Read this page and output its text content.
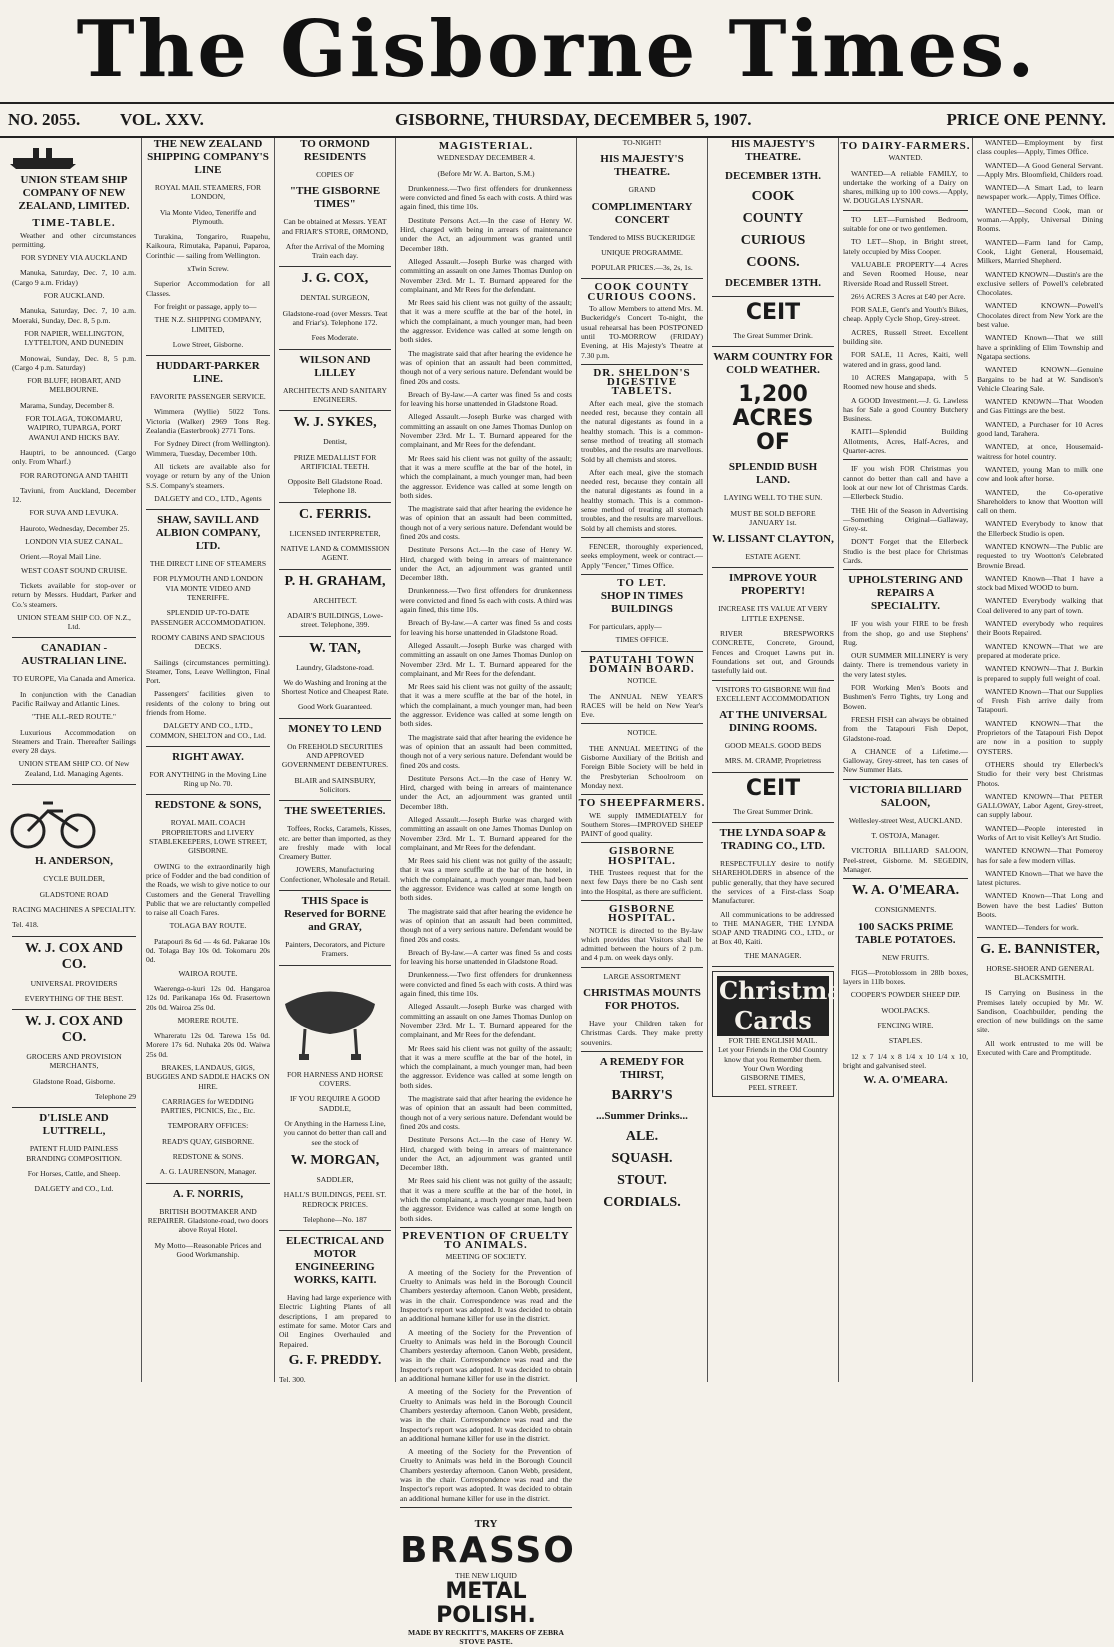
The Gisborne Times.
NO. 2055. VOL. XXV.	GISBORNE, THURSDAY, DECEMBER 5, 1907.	PRICE ONE PENNY.
UNION STEAM SHIP COMPANY OF NEW ZEALAND, LIMITED.
TIME-TABLE.
Weather and other circumstances permitting.
FOR SYDNEY VIA AUCKLAND
Manuka, Saturday, Dec. 7, 10 a.m. (Cargo 9 a.m. Friday)
FOR AUCKLAND.
Manuka, Saturday, Dec. 7, 10 a.m. Moeraki, Sunday, Dec. 8, 5 p.m.
FOR NAPIER, WELLINGTON, LYTTELTON, AND DUNEDIN
Monowai, Sunday, Dec. 8, 5 p.m. (Cargo 4 p.m. Saturday)
FOR BLUFF, HOBART, AND MELBOURNE.
Marama, Sunday, December 8.
FOR TOLAGA, TOKOMARU, WAIPIRO, TUPARGA, PORT AWANUI AND HICKS BAY.
Hauptri, to be announced. (Cargo only. From Wharf.)
FOR RAROTONGA AND TAHITI
Taviuni, from Auckland, December 12.
FOR SUVA AND LEVUKA.
Hauroto, Wednesday, December 25.
LONDON VIA SUEZ CANAL.
Orient.—Royal Mail Line.
WEST COAST SOUND CRUISE.
Tickets available for stop-over or return by Messrs. Huddart, Parker and Co.'s steamers.
UNION STEAM SHIP CO. OF N.Z., Ltd.
CANADIAN - AUSTRALIAN LINE.
TO EUROPE, Via Canada and America.
In conjunction with the Canadian Pacific Railway and Atlantic Lines.
"THE ALL-RED ROUTE."
Luxurious Accommodation on Steamers and Train. Thereafter Sailings every 28 days.
UNION STEAM SHIP CO. Of New Zealand, Ltd. Managing Agents.
H. ANDERSON,
CYCLE BUILDER,
GLADSTONE ROAD
RACING MACHINES A SPECIALITY.
Tel. 418.
W. J. COX AND CO.
UNIVERSAL PROVIDERS
EVERYTHING OF THE BEST.
W. J. COX AND CO.
GROCERS AND PROVISION MERCHANTS,
Gladstone Road, Gisborne.
Telephone 29
D'LISLE AND LUTTRELL,
PATENT FLUID PAINLESS BRANDING COMPOSITION.
For Horses, Cattle, and Sheep.
DALGETY and CO., Ltd.
THE NEW ZEALAND SHIPPING COMPANY'S LINE
ROYAL MAIL STEAMERS, FOR LONDON,
Via Monte Video, Teneriffe and Plymouth.
Turakina, Tongariro, Ruapehu, Kaikoura, Rimutaka, Papanui, Paparoa, Corinthic — sailing from Wellington.
xTwin Screw.
Superior Accommodation for all Classes.
For freight or passage, apply to—
THE N.Z. SHIPPING COMPANY, LIMITED,
Lowe Street, Gisborne.
HUDDART-PARKER LINE.
FAVORITE PASSENGER SERVICE.
Wimmera (Wyllie) 5022 Tons. Victoria (Walker) 2969 Tons Reg. Zealandia (Easterbrook) 2771 Tons.
For Sydney Direct (from Wellington). Wimmera, Tuesday, December 10th.
All tickets are available also for voyage or return by any of the Union S.S. Company's steamers.
DALGETY and CO., LTD., Agents
SHAW, SAVILL AND ALBION COMPANY, LTD.
THE DIRECT LINE OF STEAMERS
FOR PLYMOUTH AND LONDON VIA MONTE VIDEO AND TENERIFFE.
SPLENDID UP-TO-DATE PASSENGER ACCOMMODATION.
ROOMY CABINS AND SPACIOUS DECKS.
Sailings (circumstances permitting). Steamer, Tons, Leave Wellington, Final Port.
Passengers' facilities given to residents of the colony to bring out friends from Home.
DALGETY AND CO., LTD., COMMON, SHELTON and CO., Ltd.
RIGHT AWAY.
FOR ANYTHING in the Moving Line Ring up No. 70.
REDSTONE & SONS,
ROYAL MAIL COACH PROPRIETORS and LIVERY STABLEKEEPERS, LOWE STREET, GISBORNE.
OWING to the extraordinarily high price of Fodder and the bad condition of the Roads, we wish to give notice to our Customers and the General Travelling Public that we are reluctantly compelled to raise all Coach Fares.
TOLAGA BAY ROUTE.
Patapouri 8s 6d — 4s 6d. Pakarae 10s 0d. Tolaga Bay 10s 0d. Tokomaru 20s 0d.
WAIROA ROUTE.
Waerenga-o-kuri 12s 0d. Hangaroa 12s 0d. Parikanapa 16s 0d. Frasertown 20s 0d. Wairoa 25s 0d.
MORERE ROUTE.
Whareratu 12s 0d. Tarewa 15s 0d. Morere 17s 6d. Nuhaka 20s 0d. Waiwa 25s 0d.
BRAKES, LANDAUS, GIGS, BUGGIES AND SADDLE HACKS ON HIRE.
CARRIAGES for WEDDING PARTIES, PICNICS, Etc., Etc.
TEMPORARY OFFICES:
READ'S QUAY, GISBORNE.
REDSTONE & SONS.
A. G. LAURENSON, Manager.
A. F. NORRIS,
BRITISH BOOTMAKER AND REPAIRER. Gladstone-road, two doors above Royal Hotel.
My Motto—Reasonable Prices and Good Workmanship.
TO ORMOND RESIDENTS
COPIES OF
"THE GISBORNE TIMES"
Can be obtained at Messrs. YEAT and FRIAR'S STORE, ORMOND,
After the Arrival of the Morning Train each day.
J. G. COX,
DENTAL SURGEON,
Gladstone-road (over Messrs. Teat and Friar's). Telephone 172.
Fees Moderate.
WILSON AND LILLEY
ARCHITECTS AND SANITARY ENGINEERS.
W. J. SYKES,
Dentist,
PRIZE MEDALLIST FOR ARTIFICIAL TEETH.
Opposite Bell Gladstone Road. Telephone 18.
C. FERRIS.
LICENSED INTERPRETER,
NATIVE LAND & COMMISSION AGENT.
P. H. GRAHAM,
ARCHITECT.
ADAIR'S BUILDINGS, Lowe-street. Telephone, 399.
W. TAN,
Laundry, Gladstone-road.
We do Washing and Ironing at the Shortest Notice and Cheapest Rate.
Good Work Guaranteed.
MONEY TO LEND
On FREEHOLD SECURITIES AND APPROVED GOVERNMENT DEBENTURES.
BLAIR and SAINSBURY, Solicitors.
THE SWEETERIES.
Toffees, Rocks, Caramels, Kisses, etc. are better than imported, as they are freshly made with local Creamery Butter.
JOWERS, Manufacturing Confectioner, Wholesale and Retail.
THIS Space is Reserved for BORNE and GRAY,
Painters, Decorators, and Picture Framers.
FOR HARNESS AND HORSE COVERS.
IF YOU REQUIRE A GOOD SADDLE,
Or Anything in the Harness Line, you cannot do better than call and see the stock of
W. MORGAN,
SADDLER,
HALL'S BUILDINGS, PEEL ST. REDROCK PRICES.
Telephone—No. 187
ELECTRICAL AND MOTOR ENGINEERING WORKS, KAITI.
Having had large experience with Electric Lighting Plants of all descriptions, I am prepared to estimate for same. Motor Cars and Oil Engines Overhauled and Repaired.
G. F. PREDDY.
Tel. 300.
MAGISTERIAL.
WEDNESDAY DECEMBER 4.
(Before Mr W. A. Barton, S.M.)
Drunkenness.—Two first offenders for drunkenness were convicted and fined 5s each with costs. A third was again fined, this time 10s.
Destitute Persons Act.—In the case of Henry W. Hird, charged with being in arrears of maintenance under the Act, an adjournment was granted until December 18th.
Alleged Assault.—Joseph Burke was charged with committing an assault on one James Thomas Dunlop on November 23rd. Mr L. T. Burnard appeared for the complainant, and Mr Rees for the defendant.
Mr Rees said his client was not guilty of the assault; that it was a mere scuffle at the bar of the hotel, in which the complainant, a much younger man, had been the aggressor. Evidence was called at some length on both sides.
The magistrate said that after hearing the evidence he was of opinion that an assault had been committed, though not of a very serious nature. Defendant would be fined 20s and costs.
Breach of By-law.—A carter was fined 5s and costs for leaving his horse unattended in Gladstone Road.
Alleged Assault.—Joseph Burke was charged with committing an assault on one James Thomas Dunlop on November 23rd. Mr L. T. Burnard appeared for the complainant, and Mr Rees for the defendant.
Mr Rees said his client was not guilty of the assault; that it was a mere scuffle at the bar of the hotel, in which the complainant, a much younger man, had been the aggressor. Evidence was called at some length on both sides.
The magistrate said that after hearing the evidence he was of opinion that an assault had been committed, though not of a very serious nature. Defendant would be fined 20s and costs.
Destitute Persons Act.—In the case of Henry W. Hird, charged with being in arrears of maintenance under the Act, an adjournment was granted until December 18th.
Drunkenness.—Two first offenders for drunkenness were convicted and fined 5s each with costs. A third was again fined, this time 10s.
Breach of By-law.—A carter was fined 5s and costs for leaving his horse unattended in Gladstone Road.
Alleged Assault.—Joseph Burke was charged with committing an assault on one James Thomas Dunlop on November 23rd. Mr L. T. Burnard appeared for the complainant, and Mr Rees for the defendant.
Mr Rees said his client was not guilty of the assault; that it was a mere scuffle at the bar of the hotel, in which the complainant, a much younger man, had been the aggressor. Evidence was called at some length on both sides.
The magistrate said that after hearing the evidence he was of opinion that an assault had been committed, though not of a very serious nature. Defendant would be fined 20s and costs.
Destitute Persons Act.—In the case of Henry W. Hird, charged with being in arrears of maintenance under the Act, an adjournment was granted until December 18th.
Alleged Assault.—Joseph Burke was charged with committing an assault on one James Thomas Dunlop on November 23rd. Mr L. T. Burnard appeared for the complainant, and Mr Rees for the defendant.
Mr Rees said his client was not guilty of the assault; that it was a mere scuffle at the bar of the hotel, in which the complainant, a much younger man, had been the aggressor. Evidence was called at some length on both sides.
The magistrate said that after hearing the evidence he was of opinion that an assault had been committed, though not of a very serious nature. Defendant would be fined 20s and costs.
Breach of By-law.—A carter was fined 5s and costs for leaving his horse unattended in Gladstone Road.
Drunkenness.—Two first offenders for drunkenness were convicted and fined 5s each with costs. A third was again fined, this time 10s.
Alleged Assault.—Joseph Burke was charged with committing an assault on one James Thomas Dunlop on November 23rd. Mr L. T. Burnard appeared for the complainant, and Mr Rees for the defendant.
Mr Rees said his client was not guilty of the assault; that it was a mere scuffle at the bar of the hotel, in which the complainant, a much younger man, had been the aggressor. Evidence was called at some length on both sides.
The magistrate said that after hearing the evidence he was of opinion that an assault had been committed, though not of a very serious nature. Defendant would be fined 20s and costs.
Destitute Persons Act.—In the case of Henry W. Hird, charged with being in arrears of maintenance under the Act, an adjournment was granted until December 18th.
Mr Rees said his client was not guilty of the assault; that it was a mere scuffle at the bar of the hotel, in which the complainant, a much younger man, had been the aggressor. Evidence was called at some length on both sides.
PREVENTION OF CRUELTY TO ANIMALS.
MEETING OF SOCIETY.
A meeting of the Society for the Prevention of Cruelty to Animals was held in the Borough Council Chambers yesterday afternoon. Canon Webb, president, was in the chair. Correspondence was read and the Inspector's report was adopted. It was decided to obtain an additional humane killer for use in the district.
A meeting of the Society for the Prevention of Cruelty to Animals was held in the Borough Council Chambers yesterday afternoon. Canon Webb, president, was in the chair. Correspondence was read and the Inspector's report was adopted. It was decided to obtain an additional humane killer for use in the district.
A meeting of the Society for the Prevention of Cruelty to Animals was held in the Borough Council Chambers yesterday afternoon. Canon Webb, president, was in the chair. Correspondence was read and the Inspector's report was adopted. It was decided to obtain an additional humane killer for use in the district.
A meeting of the Society for the Prevention of Cruelty to Animals was held in the Borough Council Chambers yesterday afternoon. Canon Webb, president, was in the chair. Correspondence was read and the Inspector's report was adopted. It was decided to obtain an additional humane killer for use in the district.
TRY
BRASSO
THE NEW LIQUID
METAL POLISH.
MADE BY RECKITT'S, MAKERS OF ZEBRA STOVE PASTE.
TO-NIGHT!
HIS MAJESTY'S THEATRE.
GRAND
COMPLIMENTARY CONCERT
Tendered to MISS BUCKERIDGE
UNIQUE PROGRAMME.
POPULAR PRICES.—3s, 2s, 1s.
COOK COUNTY CURIOUS COONS.
To allow Members to attend Mrs. M. Buckeridge's Concert To-night, the usual rehearsal has been POSTPONED until TO-MORROW (FRIDAY) Evening, at His Majesty's Theatre at 7.30 p.m.
DR. SHELDON'S DIGESTIVE TABLETS.
After each meal, give the stomach needed rest, because they contain all the natural digestants as found in a healthy stomach. This is a common-sense method of treating all stomach troubles, and the results are marvellous. Sold by all chemists and stores.
After each meal, give the stomach needed rest, because they contain all the natural digestants as found in a healthy stomach. This is a common-sense method of treating all stomach troubles, and the results are marvellous. Sold by all chemists and stores.
FENCER, thoroughly experienced, seeks employment, week or contract.—Apply "Fencer," Times Office.
TO LET.
SHOP IN TIMES BUILDINGS
For particulars, apply—
TIMES OFFICE.
PATUTAHI TOWN DOMAIN BOARD.
NOTICE.
The ANNUAL NEW YEAR'S RACES will be held on New Year's Eve.
NOTICE.
THE ANNUAL MEETING of the Gisborne Auxiliary of the British and Foreign Bible Society will be held in the Presbyterian Schoolroom on Monday next.
TO SHEEPFARMERS.
WE supply IMMEDIATELY for Southern Stores—IMPROVED SHEEP PAINT of good quality.
GISBORNE HOSPITAL.
THE Trustees request that for the next few Days there be no Cash sent into the Hospital, as there are sufficient.
GISBORNE HOSPITAL.
NOTICE is directed to the By-law which provides that Visitors shall be admitted between the hours of 2 p.m. and 4 p.m. on week days only.
LARGE ASSORTMENT
CHRISTMAS MOUNTS FOR PHOTOS.
Have your Children taken for Christmas Cards. They make pretty souvenirs.
A REMEDY FOR THIRST,
BARRY'S
...Summer Drinks...
ALE.
SQUASH.
STOUT.
CORDIALS.
HIS MAJESTY'S THEATRE.
DECEMBER 13TH.
COOK
COUNTY
CURIOUS
COONS.
DECEMBER 13TH.
CEIT
The Great Summer Drink.
WARM COUNTRY FOR COLD WEATHER.
1,200 ACRES OF
SPLENDID BUSH LAND.
LAYING WELL TO THE SUN.
MUST BE SOLD BEFORE JANUARY 1st.
W. LISSANT CLAYTON,
ESTATE AGENT.
IMPROVE YOUR PROPERTY!
INCREASE ITS VALUE AT VERY LITTLE EXPENSE.
RIVER BRESPWORKS CONCRETE, Concrete, Ground, Fences and Croquet Lawns put in. Foundations set out, and Grounds tastefully laid out.
VISITORS TO GISBORNE Will find EXCELLENT ACCOMMODATION
AT THE UNIVERSAL DINING ROOMS.
GOOD MEALS. GOOD BEDS
MRS. M. CRAMP, Proprietress
CEIT
The Great Summer Drink.
THE LYNDA SOAP & TRADING CO., LTD.
RESPECTFULLY desire to notify SHAREHOLDERS in absence of the public generally, that they have secured the services of a First-class Soap Manufacturer.
All communications to be addressed to THE MANAGER, THE LYNDA SOAP AND TRADING CO., LTD., or at Box 40, Kaiti.
THE MANAGER.
Christmas
Cards
FOR THE ENGLISH MAIL.
Let your Friends in the Old Country know that you Remember them.
Your Own Wording
GISBORNE TIMES,
PEEL STREET.
TO DAIRY-FARMERS.
WANTED.
WANTED—A reliable FAMILY, to undertake the working of a Dairy on shares, milking up to 100 cows.—Apply, W. DOUGLAS LYSNAR.
TO LET—Furnished Bedroom, suitable for one or two gentlemen.
TO LET—Shop, in Bright street, lately occupied by Miss Cooper.
VALUABLE PROPERTY—4 Acres and Seven Roomed House, near Riverside Road and Russell Street.
26½ ACRES 3 Acres at £40 per Acre.
FOR SALE, Gent's and Youth's Bikes, cheap. Apply Cycle Shop, Grey-street.
ACRES, Russell Street. Excellent building site.
FOR SALE, 11 Acres, Kaiti, well watered and in grass, good land.
10 ACRES Mangapapa, with 5 Roomed new house and sheds.
A GOOD Investment.—J. G. Lawless has for Sale a good Country Butchery Business.
KAITI—Splendid Building Allotments, Acres, Half-Acres, and Quarter-acres.
IF you wish FOR Christmas you cannot do better than call and have a look at our new lot of Christmas Cards.—Ellerbeck Studio.
THE Hit of the Season in Advertising—Something Original—Gallaway, Grey-st.
DON'T Forget that the Ellerbeck Studio is the best place for Christmas Cards.
UPHOLSTERING AND REPAIRS A SPECIALITY.
IF you wish your FIRE to be fresh from the shop, go and use Stephens' Rug.
OUR SUMMER MILLINERY is very dainty. There is tremendous variety in the very latest styles.
FOR Working Men's Boots and Bushmen's Ferro Tights, try Long and Bowen.
FRESH FISH can always be obtained from the Tatapouri Fish Depot, Gladstone-road.
A CHANCE of a Lifetime.—Galloway, Grey-street, has ten cases of New Summer Hats.
VICTORIA BILLIARD SALOON,
Wellesley-street West, AUCKLAND.
T. OSTOJA, Manager.
VICTORIA BILLIARD SALOON, Peel-street, Gisborne. M. SEGEDIN, Manager.
W. A. O'MEARA.
CONSIGNMENTS.
100 SACKS PRIME TABLE POTATOES.
NEW FRUITS.
FIGS—Protoblossom in 28lb boxes, layers in 11lb boxes.
COOPER'S POWDER SHEEP DIP.
WOOLPACKS.
FENCING WIRE.
STAPLES.
12 x 7 1/4 x 8 1/4 x 10 1/4 x 10, bright and galvanised steel.
W. A. O'MEARA.
WANTED—Employment by first class couples—Apply, Times Office.
WANTED—A Good General Servant.—Apply Mrs. Bloomfield, Childers road.
WANTED—A Smart Lad, to learn newspaper work.—Apply, Times Office.
WANTED—Second Cook, man or woman.—Apply, Universal Dining Rooms.
WANTED—Farm land for Camp, Cook, Light General, Housemaid, Milkers, Married Shepherd.
WANTED KNOWN—Dustin's are the exclusive sellers of Powell's celebrated Chocolates.
WANTED KNOWN—Powell's Chocolates direct from New York are the best value.
WANTED Known—That we still have a sprinkling of Elim Township and Ngatapa sections.
WANTED KNOWN—Genuine Bargains to be had at W. Sandison's Vehicle Clearing Sale.
WANTED KNOWN—That Wooden and Gas Fittings are the best.
WANTED, a Purchaser for 10 Acres good land, Tarahera.
WANTED, at once, Housemaid-waitress for hotel country.
WANTED, young Man to milk one cow and look after horse.
WANTED, the Co-operative Shareholders to know that Wootton will call on them.
WANTED Everybody to know that the Ellerbeck Studio is open.
WANTED KNOWN—The Public are requested to try Wootton's Celebrated Brownie Bread.
WANTED Known—That I have a stock bad Mixed WOOD to burn.
WANTED Everybody walking that Coal delivered to any part of town.
WANTED everybody who requires their Boots Repaired.
WANTED KNOWN—That we are prepared at moderate price.
WANTED KNOWN—That J. Burkin is prepared to supply full weight of coal.
WANTED Known—That our Supplies of Fresh Fish arrive daily from Tatapouri.
WANTED KNOWN—That the Proprietors of the Tatapouri Fish Depot are now in a position to supply OYSTERS.
OTHERS should try Ellerbeck's Studio for their very best Christmas Photos.
WANTED KNOWN—That PETER GALLOWAY, Labor Agent, Grey-street, can supply labour.
WANTED—People interested in Works of Art to visit Kelley's Art Studio.
WANTED KNOWN—That Pomeroy has for sale a few modern villas.
WANTED Known—That we have the latest pictures.
WANTED Known—That Long and Bowen have the best Ladies' Button Boots.
WANTED—Tenders for work.
G. E. BANNISTER,
HORSE-SHOER AND GENERAL BLACKSMITH.
IS Carrying on Business in the Premises lately occupied by Mr. W. Sandison, Coachbuilder, pending the erection of new buildings on the same site.
All work entrusted to me will be Executed with Care and Promptitude.
